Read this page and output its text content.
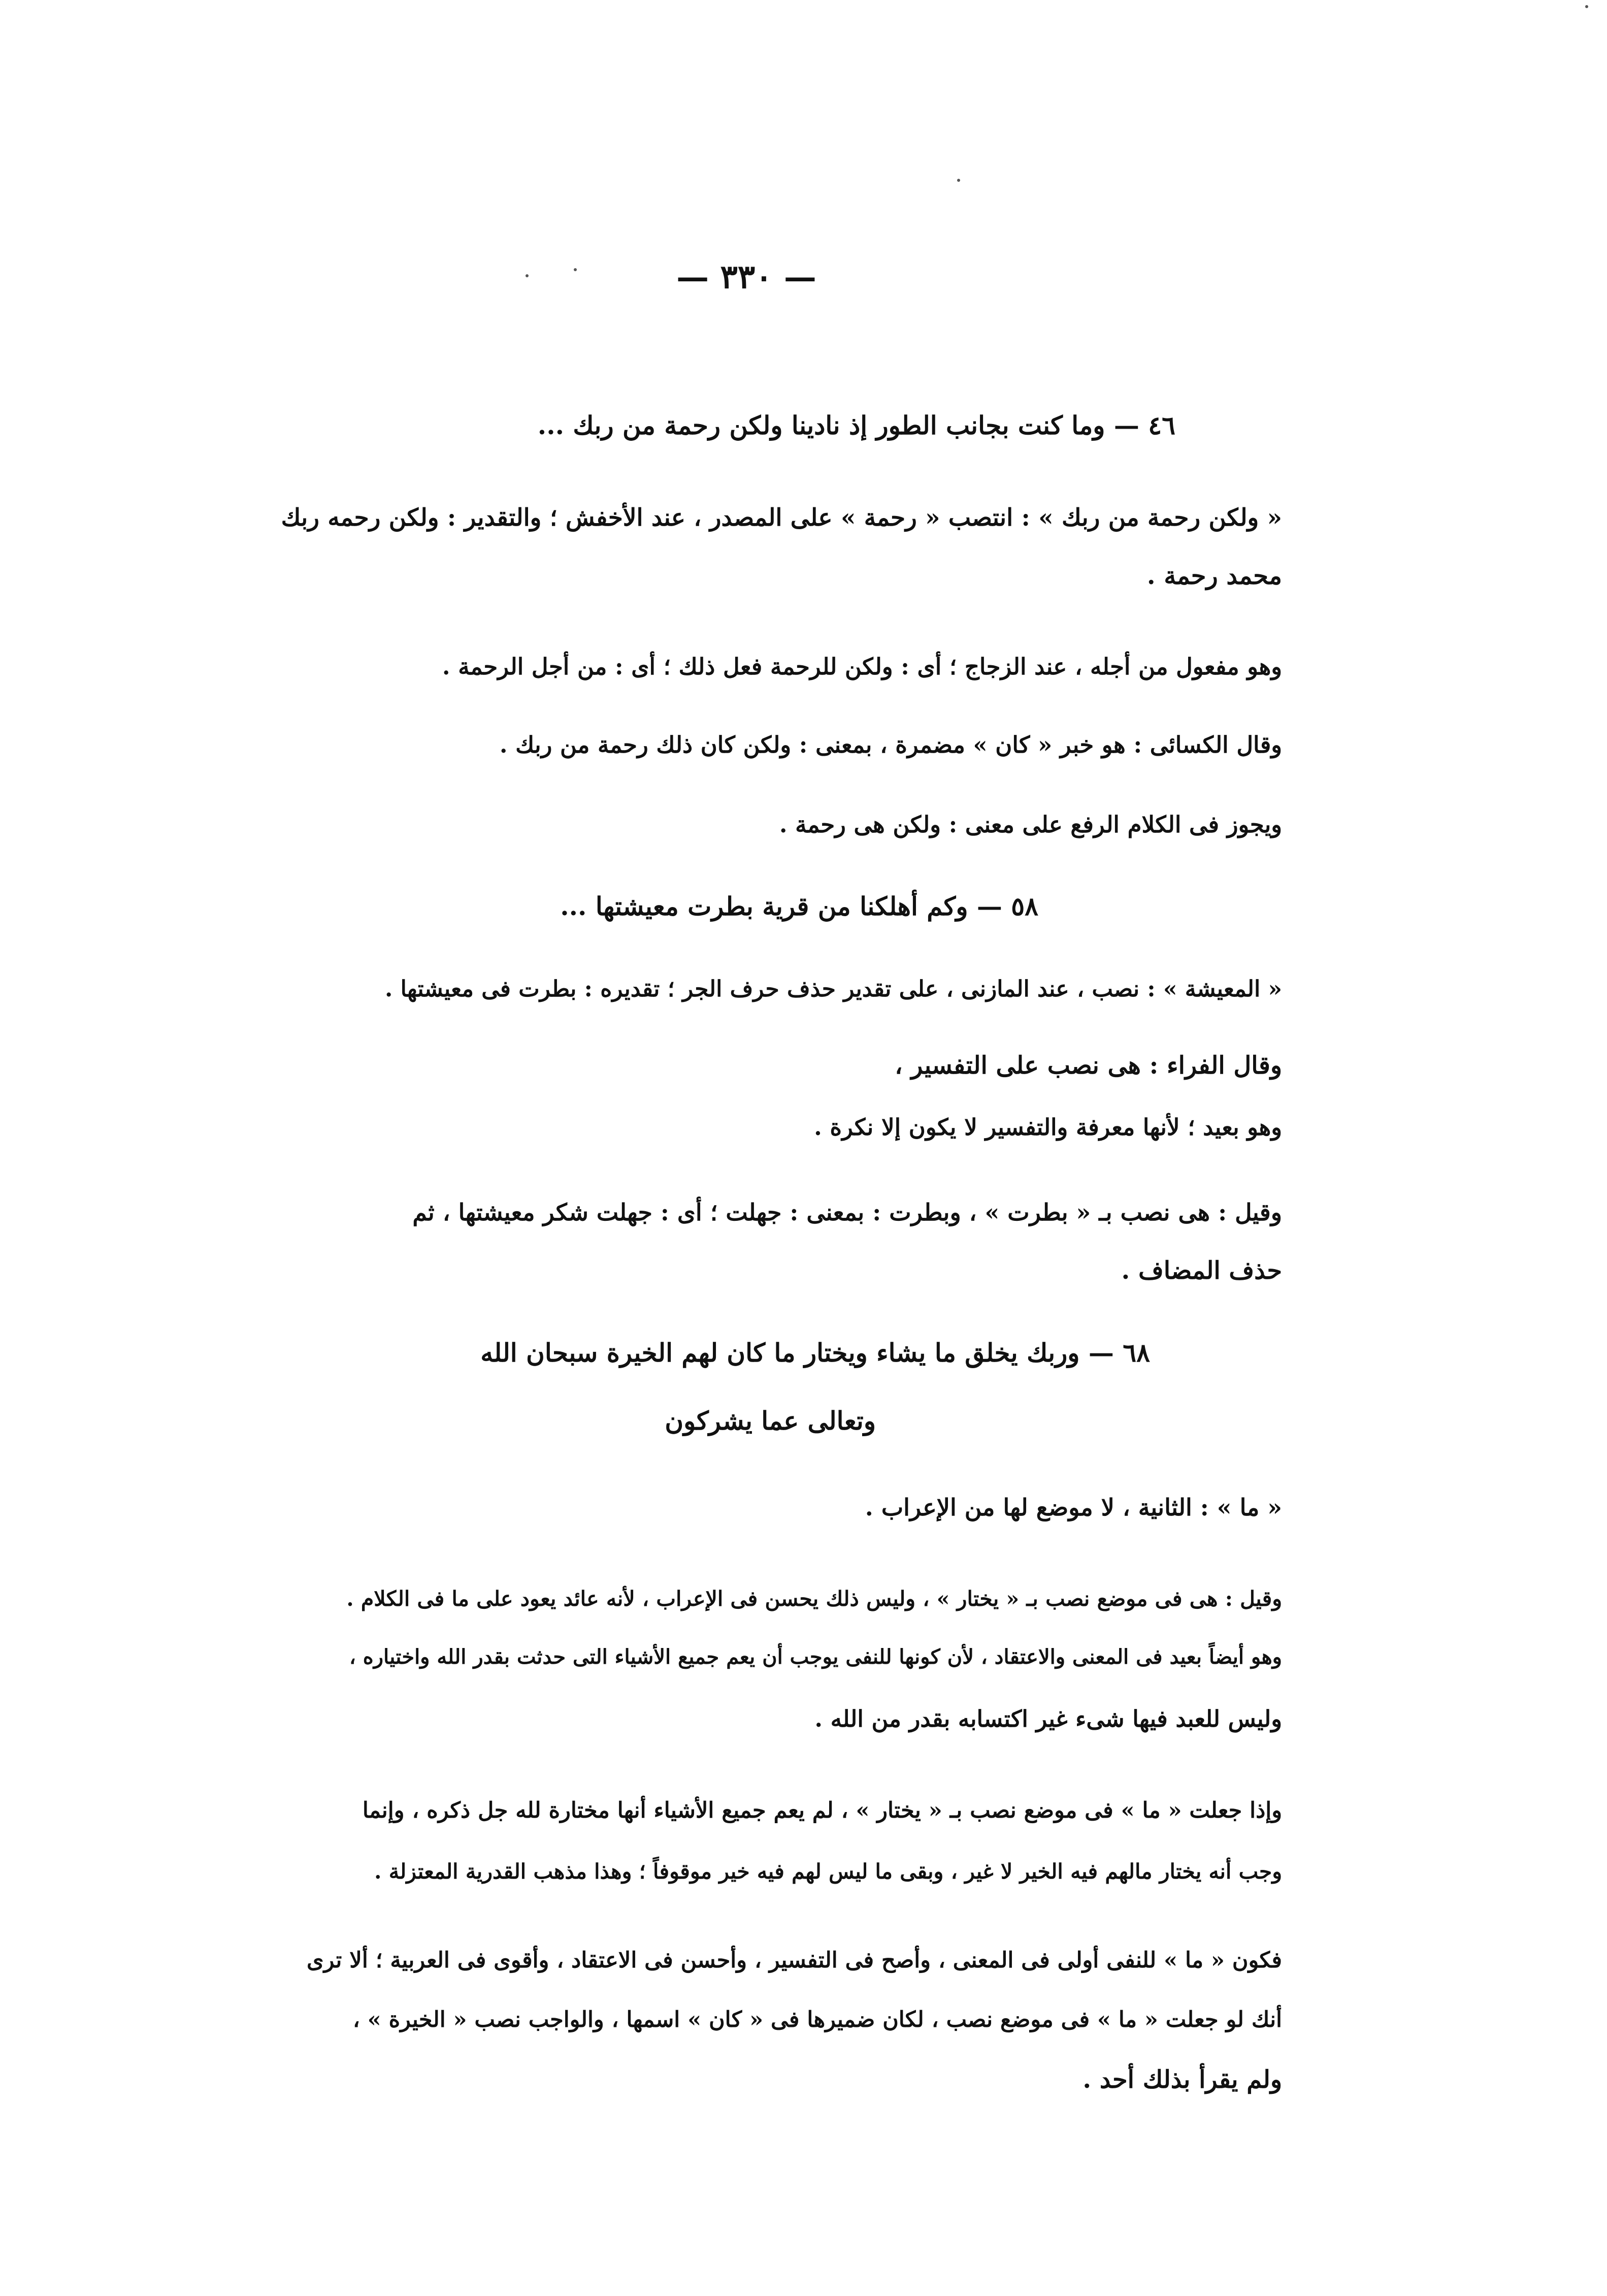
— ٣٣٠ —
٤٦ — وما كنت بجانب الطور إذ نادينا ولكن رحمة من ربك ...
« ولكن رحمة من ربك » : انتصب « رحمة » على المصدر ، عند الأخفش ؛ والتقدير : ولكن رحمه ربك
محمد رحمة .
وهو مفعول من أجله ، عند الزجاج ؛ أى : ولكن للرحمة فعل ذلك ؛ أى : من أجل الرحمة .
وقال الكسائى : هو خبر « كان » مضمرة ، بمعنى : ولكن كان ذلك رحمة من ربك .
ويجوز فى الكلام الرفع على معنى : ولكن هى رحمة .
٥٨ — وكم أهلكنا من قرية بطرت معيشتها ...
« المعيشة » : نصب ، عند المازنى ، على تقدير حذف حرف الجر ؛ تقديره : بطرت فى معيشتها .
وقال الفراء : هى نصب على التفسير ،
وهو بعيد ؛ لأنها معرفة والتفسير لا يكون إلا نكرة .
وقيل : هى نصب بـ « بطرت » ، وبطرت : بمعنى : جهلت ؛ أى : جهلت شكر معيشتها ، ثم
حذف المضاف .
٦٨ — وربك يخلق ما يشاء ويختار ما كان لهم الخيرة سبحان الله
وتعالى عما يشركون
« ما » : الثانية ، لا موضع لها من الإعراب .
وقيل : هى فى موضع نصب بـ « يختار » ، وليس ذلك يحسن فى الإعراب ، لأنه عائد يعود على ما فى الكلام .
وهو أيضاً بعيد فى المعنى والاعتقاد ، لأن كونها للنفى يوجب أن يعم جميع الأشياء التى حدثت بقدر الله واختياره ،
وليس للعبد فيها شىء غير اكتسابه بقدر من الله .
وإذا جعلت « ما » فى موضع نصب بـ « يختار » ، لم يعم جميع الأشياء أنها مختارة لله جل ذكره ، وإنما
وجب أنه يختار مالهم فيه الخير لا غير ، وبقى ما ليس لهم فيه خير موقوفاً ؛ وهذا مذهب القدرية المعتزلة .
فكون « ما » للنفى أولى فى المعنى ، وأصح فى التفسير ، وأحسن فى الاعتقاد ، وأقوى فى العربية ؛ ألا ترى
أنك لو جعلت « ما » فى موضع نصب ، لكان ضميرها فى « كان » اسمها ، والواجب نصب « الخيرة » ،
ولم يقرأ بذلك أحد .
